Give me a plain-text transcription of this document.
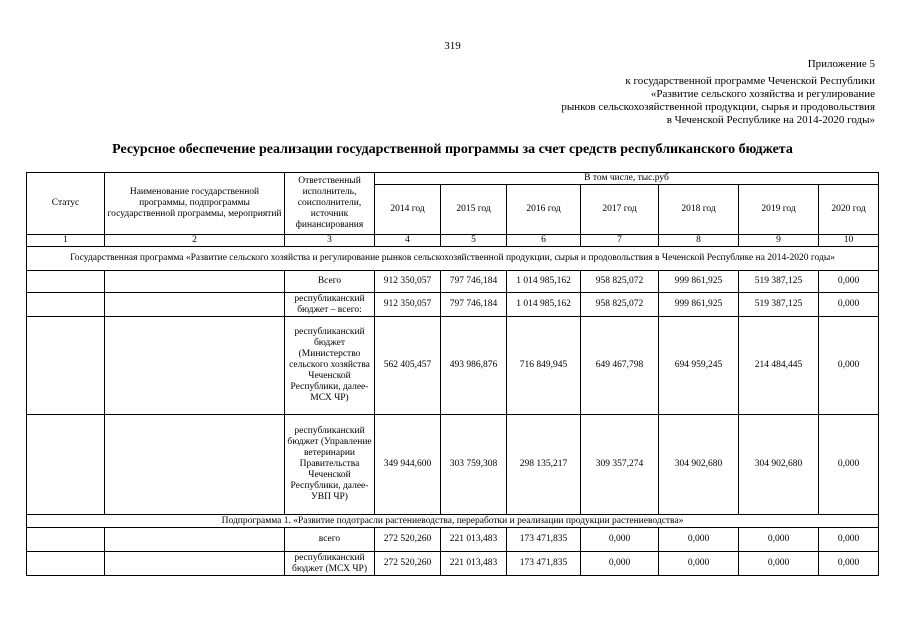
319
Приложение 5
к государственной программе Чеченской Республики
«Развитие сельского хозяйства и регулирование
рынков сельскохозяйственной продукции, сырья и продовольствия
в Чеченской Республике на 2014-2020 годы»
Ресурсное обеспечение реализации государственной программы за счет средств республиканского бюджета
Статус	Наименование государственной программы, подпрограммы государственной программы, мероприятий	Ответственный исполнитель, соисполнители, источник финансирования	В том числе, тыс.руб						
			2014 год	2015 год	2016 год	2017 год	2018 год	2019 год	2020 год
1	2	3	4	5	6	7	8	9	10
Государственная программа «Развитие сельского хозяйства и регулирование рынков сельскохозяйственной продукции, сырья и продовольствия в Чеченской Республике на 2014-2020 годы»									
		Всего	912 350,057	797 746,184	1 014 985,162	958 825,072	999 861,925	519 387,125	0,000
		республиканский бюджет – всего:	912 350,057	797 746,184	1 014 985,162	958 825,072	999 861,925	519 387,125	0,000
		республиканский бюджет (Министерство сельского хозяйства Чеченской Республики, далее-МСХ ЧР)	562 405,457	493 986,876	716 849,945	649 467,798	694 959,245	214 484,445	0,000
		республиканский бюджет (Управление ветеринарии Правительства Чеченской Республики, далее-УВП ЧР)	349 944,600	303 759,308	298 135,217	309 357,274	304 902,680	304 902,680	0,000
Подпрограмма 1. «Развитие подотрасли растениеводства, переработки и реализации продукции растениеводства»									
		всего	272 520,260	221 013,483	173 471,835	0,000	0,000	0,000	0,000
		республиканский бюджет (МСХ ЧР)	272 520,260	221 013,483	173 471,835	0,000	0,000	0,000	0,000
